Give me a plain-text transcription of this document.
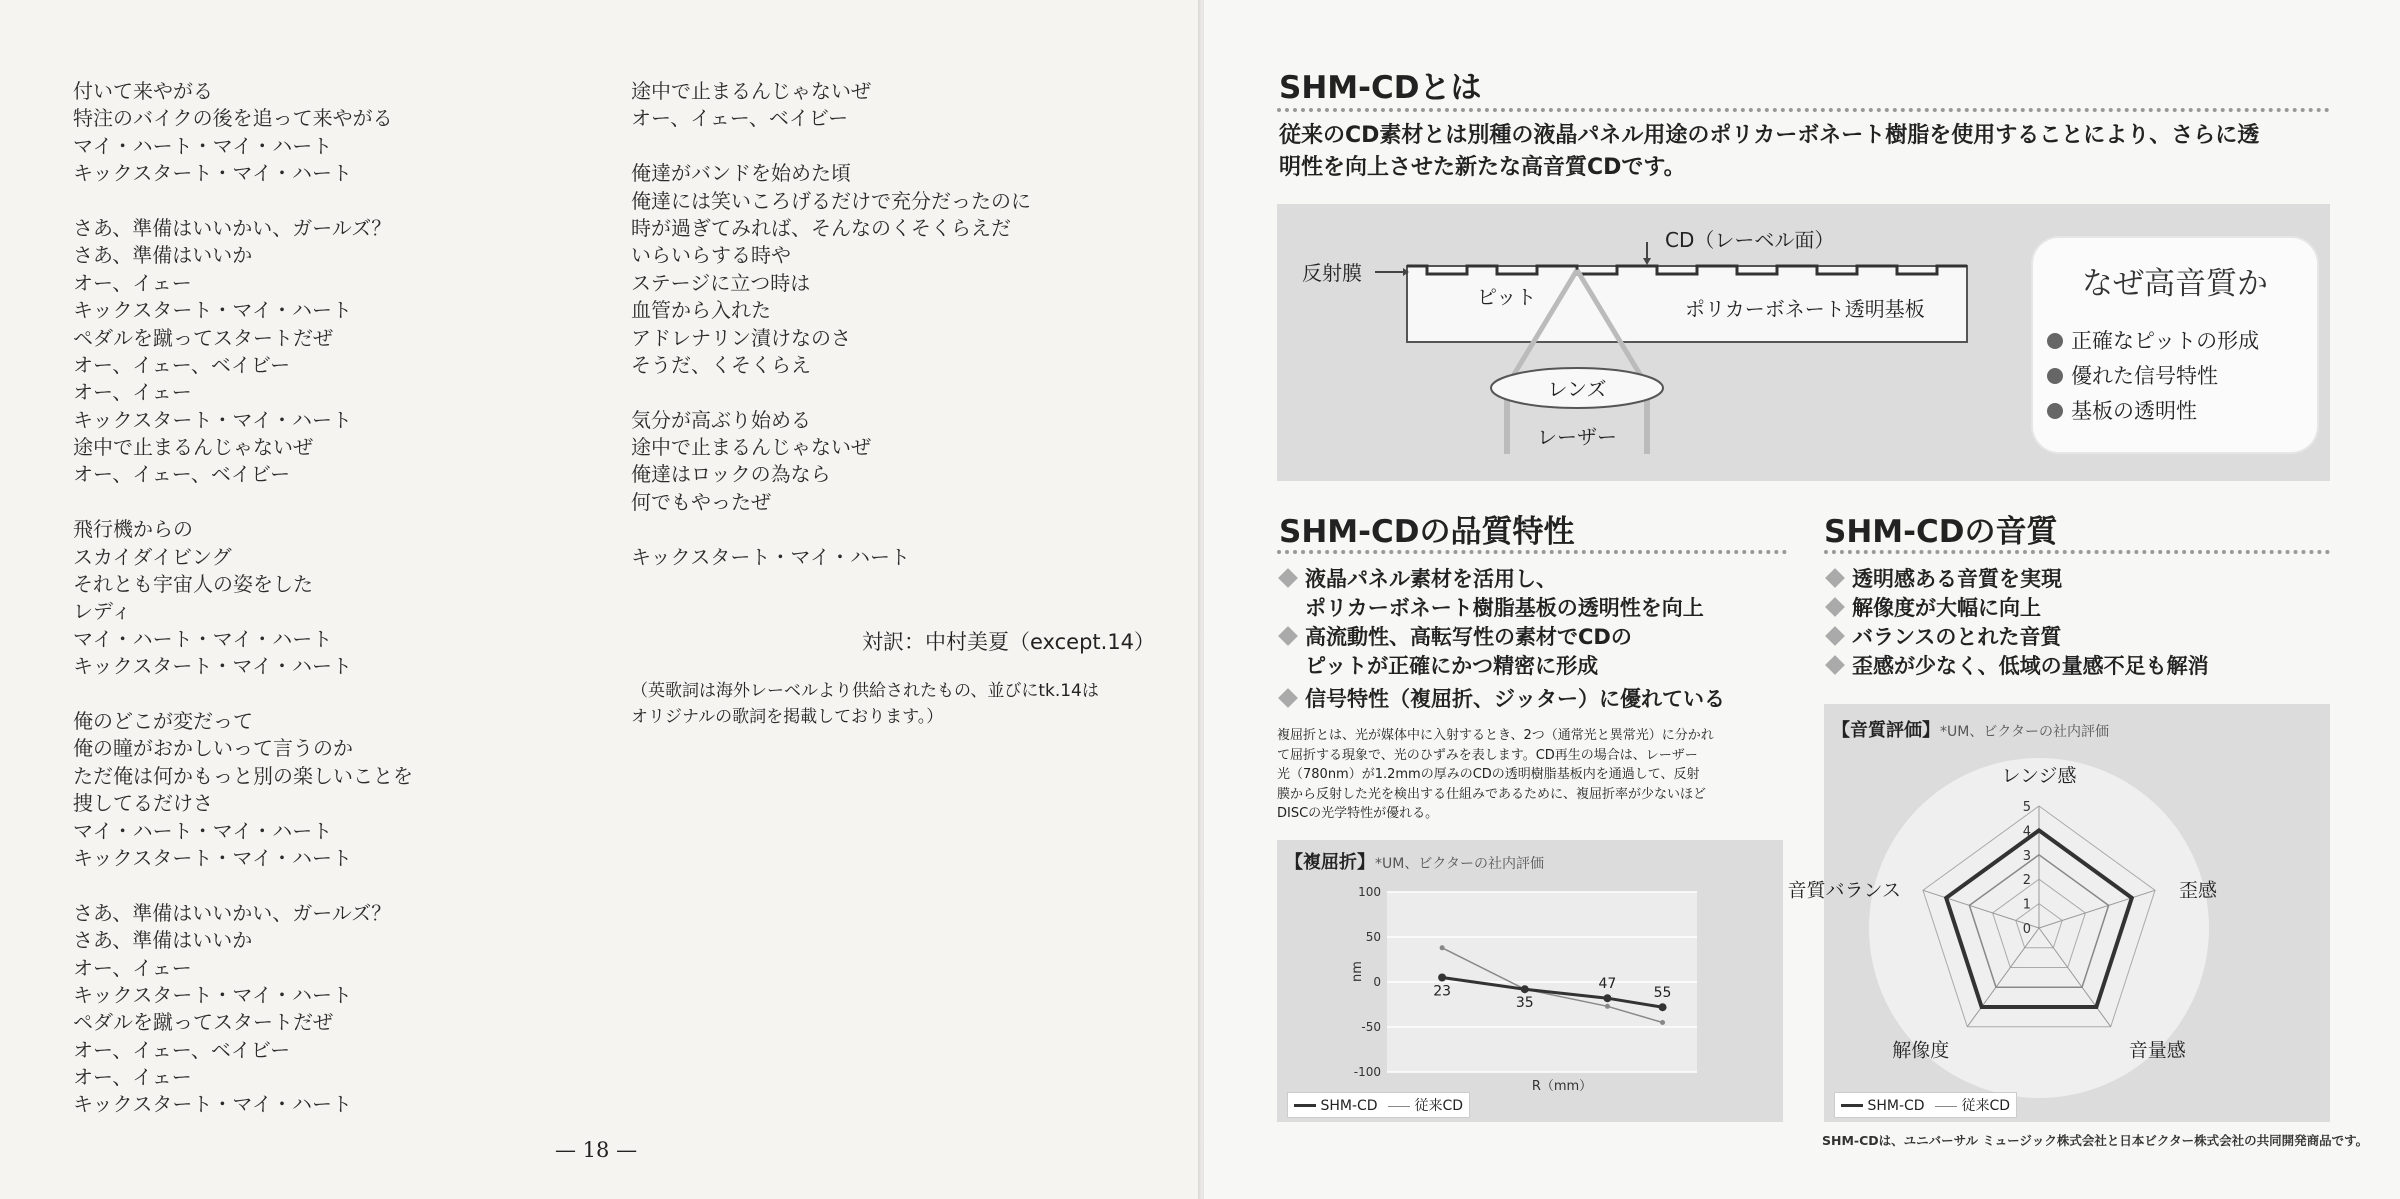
付いて来やがる
特注のバイクの後を追って来やがる
マイ・ハート・マイ・ハート
キックスタート・マイ・ハート
さあ、準備はいいかい、ガールズ？
さあ、準備はいいか
オー、イェー
キックスタート・マイ・ハート
ペダルを蹴ってスタートだぜ
オー、イェー、ベイビー
オー、イェー
キックスタート・マイ・ハート
途中で止まるんじゃないぜ
オー、イェー、ベイビー
飛行機からの
スカイダイビング
それとも宇宙人の姿をした
レディ
マイ・ハート・マイ・ハート
キックスタート・マイ・ハート
俺のどこが変だって
俺の瞳がおかしいって言うのか
ただ俺は何かもっと別の楽しいことを
捜してるだけさ
マイ・ハート・マイ・ハート
キックスタート・マイ・ハート
さあ、準備はいいかい、ガールズ？
さあ、準備はいいか
オー、イェー
キックスタート・マイ・ハート
ペダルを蹴ってスタートだぜ
オー、イェー、ベイビー
オー、イェー
キックスタート・マイ・ハート
途中で止まるんじゃないぜ
オー、イェー、ベイビー
俺達がバンドを始めた頃
俺達には笑いころげるだけで充分だったのに
時が過ぎてみれば、そんなのくそくらえだ
いらいらする時や
ステージに立つ時は
血管から入れた
アドレナリン漬けなのさ
そうだ、くそくらえ
気分が高ぶり始める
途中で止まるんじゃないぜ
俺達はロックの為なら
何でもやったぜ
キックスタート・マイ・ハート
対訳：中村美夏（except.14）
（英歌詞は海外レーベルより供給されたもの、並びにtk.14は
オリジナルの歌詞を掲載しております。）
— 18 —
SHM-CDとは
従来のCD素材とは別種の液晶パネル用途のポリカーボネート樹脂を使用することにより、さらに透
明性を向上させた新たな高音質CDです。
反射膜
CD（レーベル面）
ピット	ポリカーボネート透明基板
レンズ
レーザー
なぜ高音質か
正確なピットの形成
優れた信号特性
基板の透明性
SHM-CDの品質特性
液晶パネル素材を活用し、
ポリカーボネート樹脂基板の透明性を向上
高流動性、高転写性の素材でCDの
ピットが正確にかつ精密に形成
信号特性（複屈折、ジッター）に優れている
複屈折とは、光が媒体中に入射するとき、2つ（通常光と異常光）に分かれ
て屈折する現象で、光のひずみを表します。CD再生の場合は、レーザー
光（780nm）が1.2mmの厚みのCDの透明樹脂基板内を通過して、反射
膜から反射した光を検出する仕組みであるために、複屈折率が少ないほど
DISCの光学特性が優れる。
SHM-CDの音質
透明感ある音質を実現
解像度が大幅に向上
バランスのとれた音質
歪感が少なく、低域の量感不足も解消
【複屈折】*UM、ビクターの社内評価
100
50
0
-50
-100
nm
R（mm）
23
35
47
55
SHM-CD	従来CD
【音質評価】*UM、ビクターの社内評価
0
1
2
3
4
5
レンジ感
歪感
音量感
解像度
音質バランス
SHM-CD	従来CD
SHM-CDは、ユニバーサル ミュージック株式会社と日本ビクター株式会社の共同開発商品です。
